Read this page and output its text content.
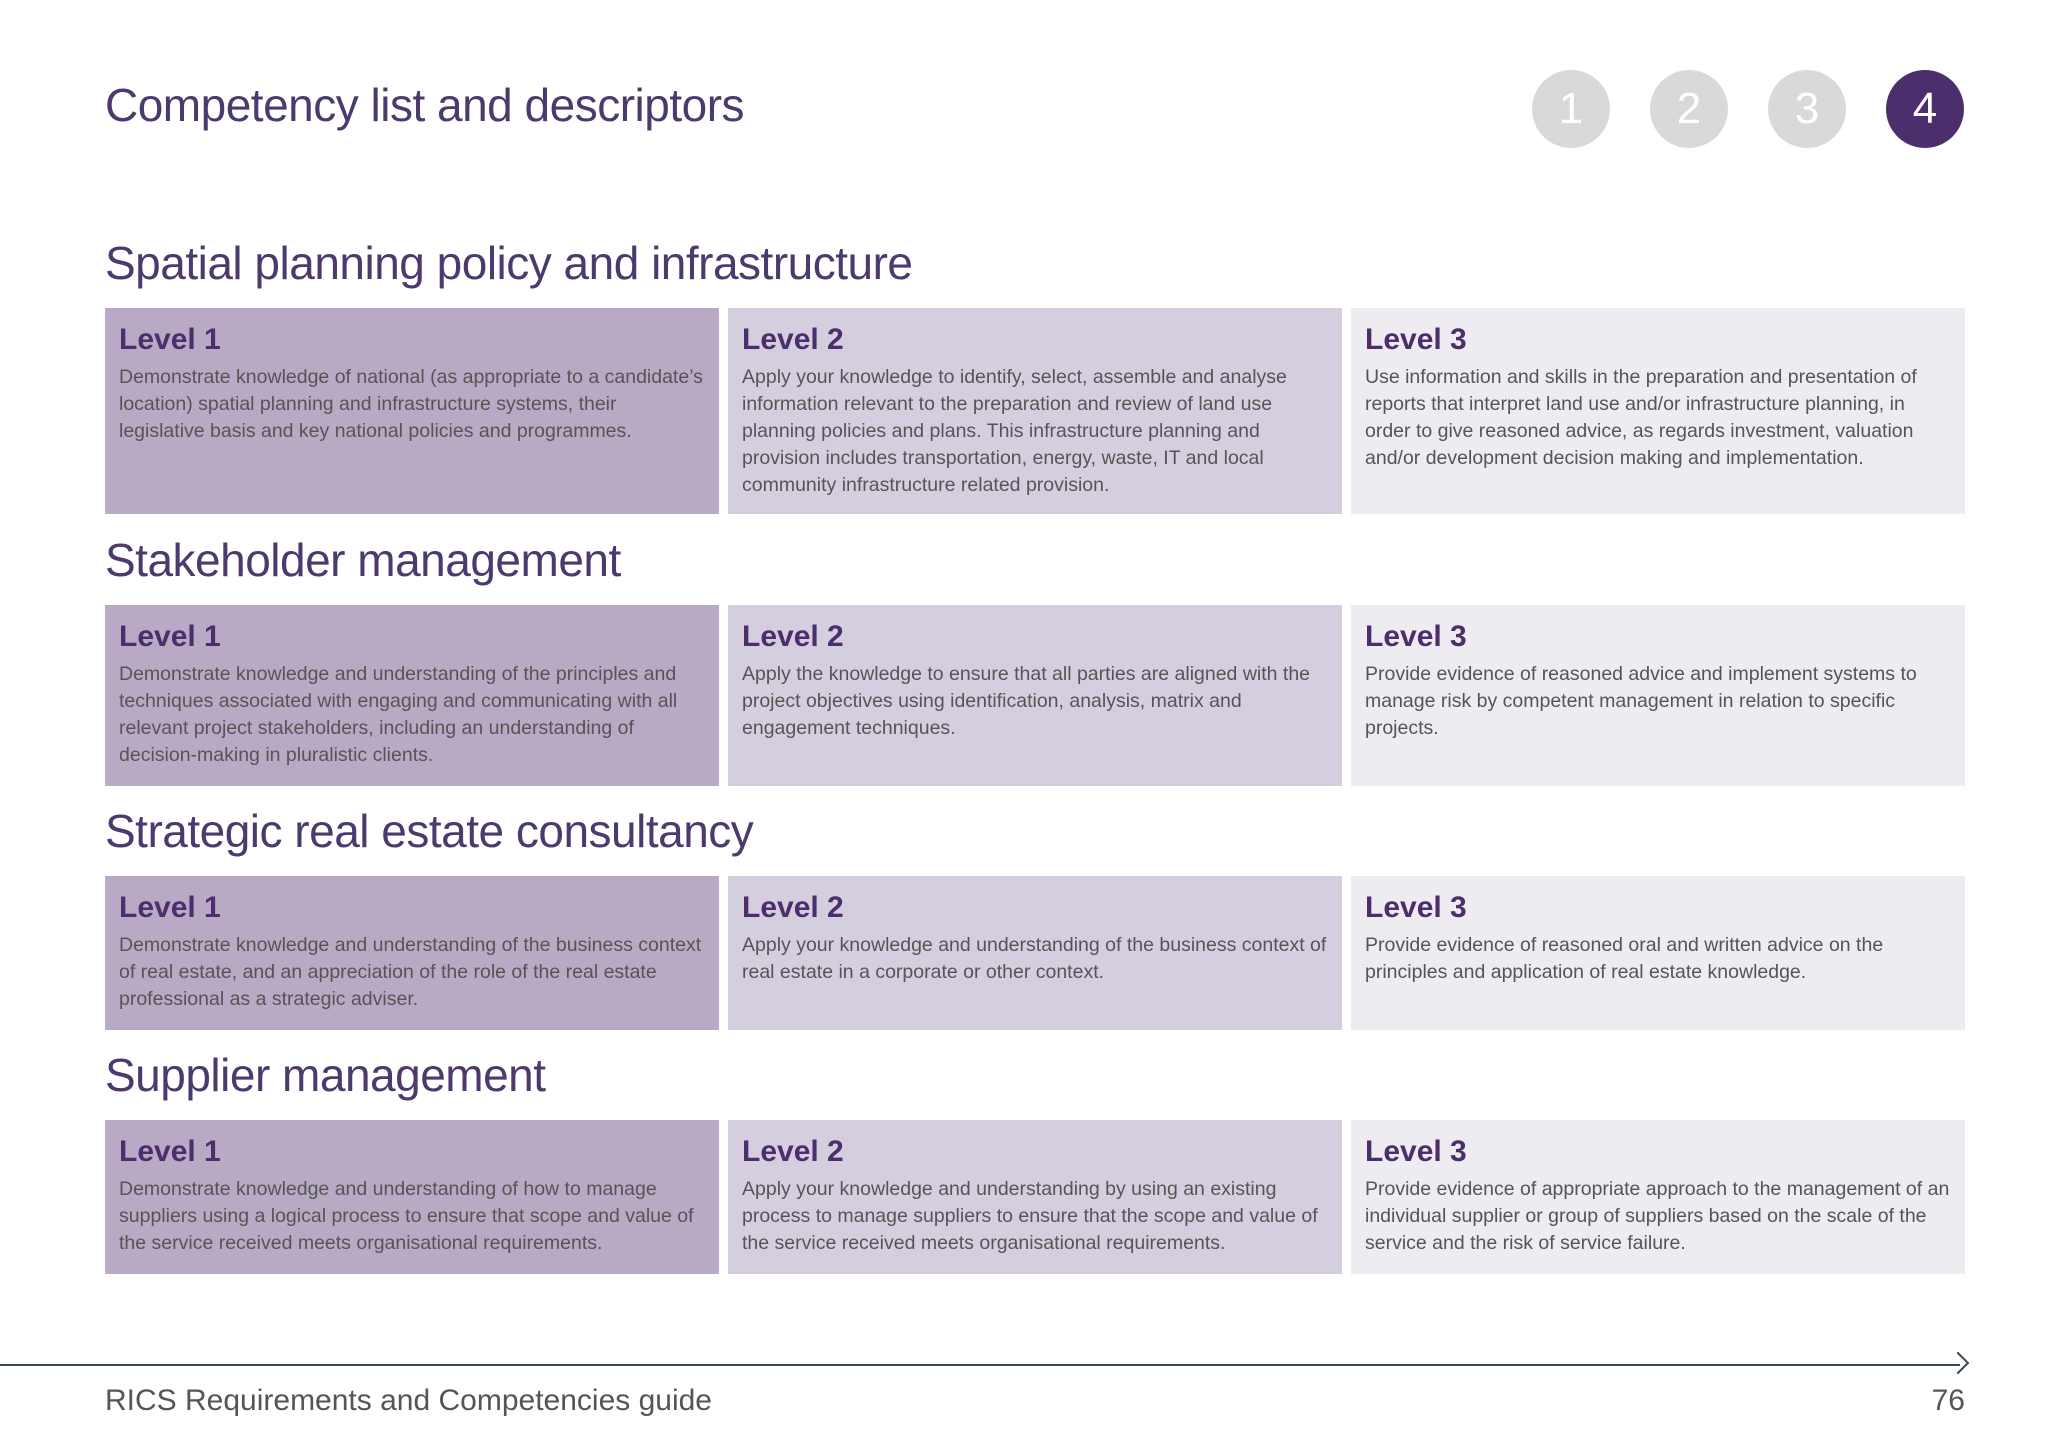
Competency list and descriptors	1	2	3	4
Spatial planning policy and infrastructure
Level 1

Demonstrate knowledge of national (as appropriate to a candidate’s location) spatial planning and infrastructure systems, their legislative basis and key national policies and programmes.

Level 2

Apply your knowledge to identify, select, assemble and analyse information relevant to the preparation and review of land use planning policies and plans. This infrastructure planning and provision includes transportation, energy, waste, IT and local community infrastructure related provision.

Level 3

Use information and skills in the preparation and presentation of reports that interpret land use and/or infrastructure planning, in order to give reasoned advice, as regards investment, valuation and/or development decision making and implementation.

Stakeholder management
Level 1

Demonstrate knowledge and understanding of the principles and techniques associated with engaging and communicating with all relevant project stakeholders, including an understanding of decision-making in pluralistic clients.

Level 2

Apply the knowledge to ensure that all parties are aligned with the project objectives using identification, analysis, matrix and engagement techniques.

Level 3

Provide evidence of reasoned advice and implement systems to manage risk by competent management in relation to specific projects.

Strategic real estate consultancy
Level 1

Demonstrate knowledge and understanding of the business context of real estate, and an appreciation of the role of the real estate professional as a strategic adviser.

Level 2

Apply your knowledge and understanding of the business context of real estate in a corporate or other context.

Level 3

Provide evidence of reasoned oral and written advice on the principles and application of real estate knowledge.

Supplier management
Level 1

Demonstrate knowledge and understanding of how to manage suppliers using a logical process to ensure that scope and value of the service received meets organisational requirements.

Level 2

Apply your knowledge and understanding by using an existing process to manage suppliers to ensure that the scope and value of the service received meets organisational requirements.

Level 3

Provide evidence of appropriate approach to the management of an individual supplier or group of suppliers based on the scale of the service and the risk of service failure.

RICS Requirements and Competencies guide	76
